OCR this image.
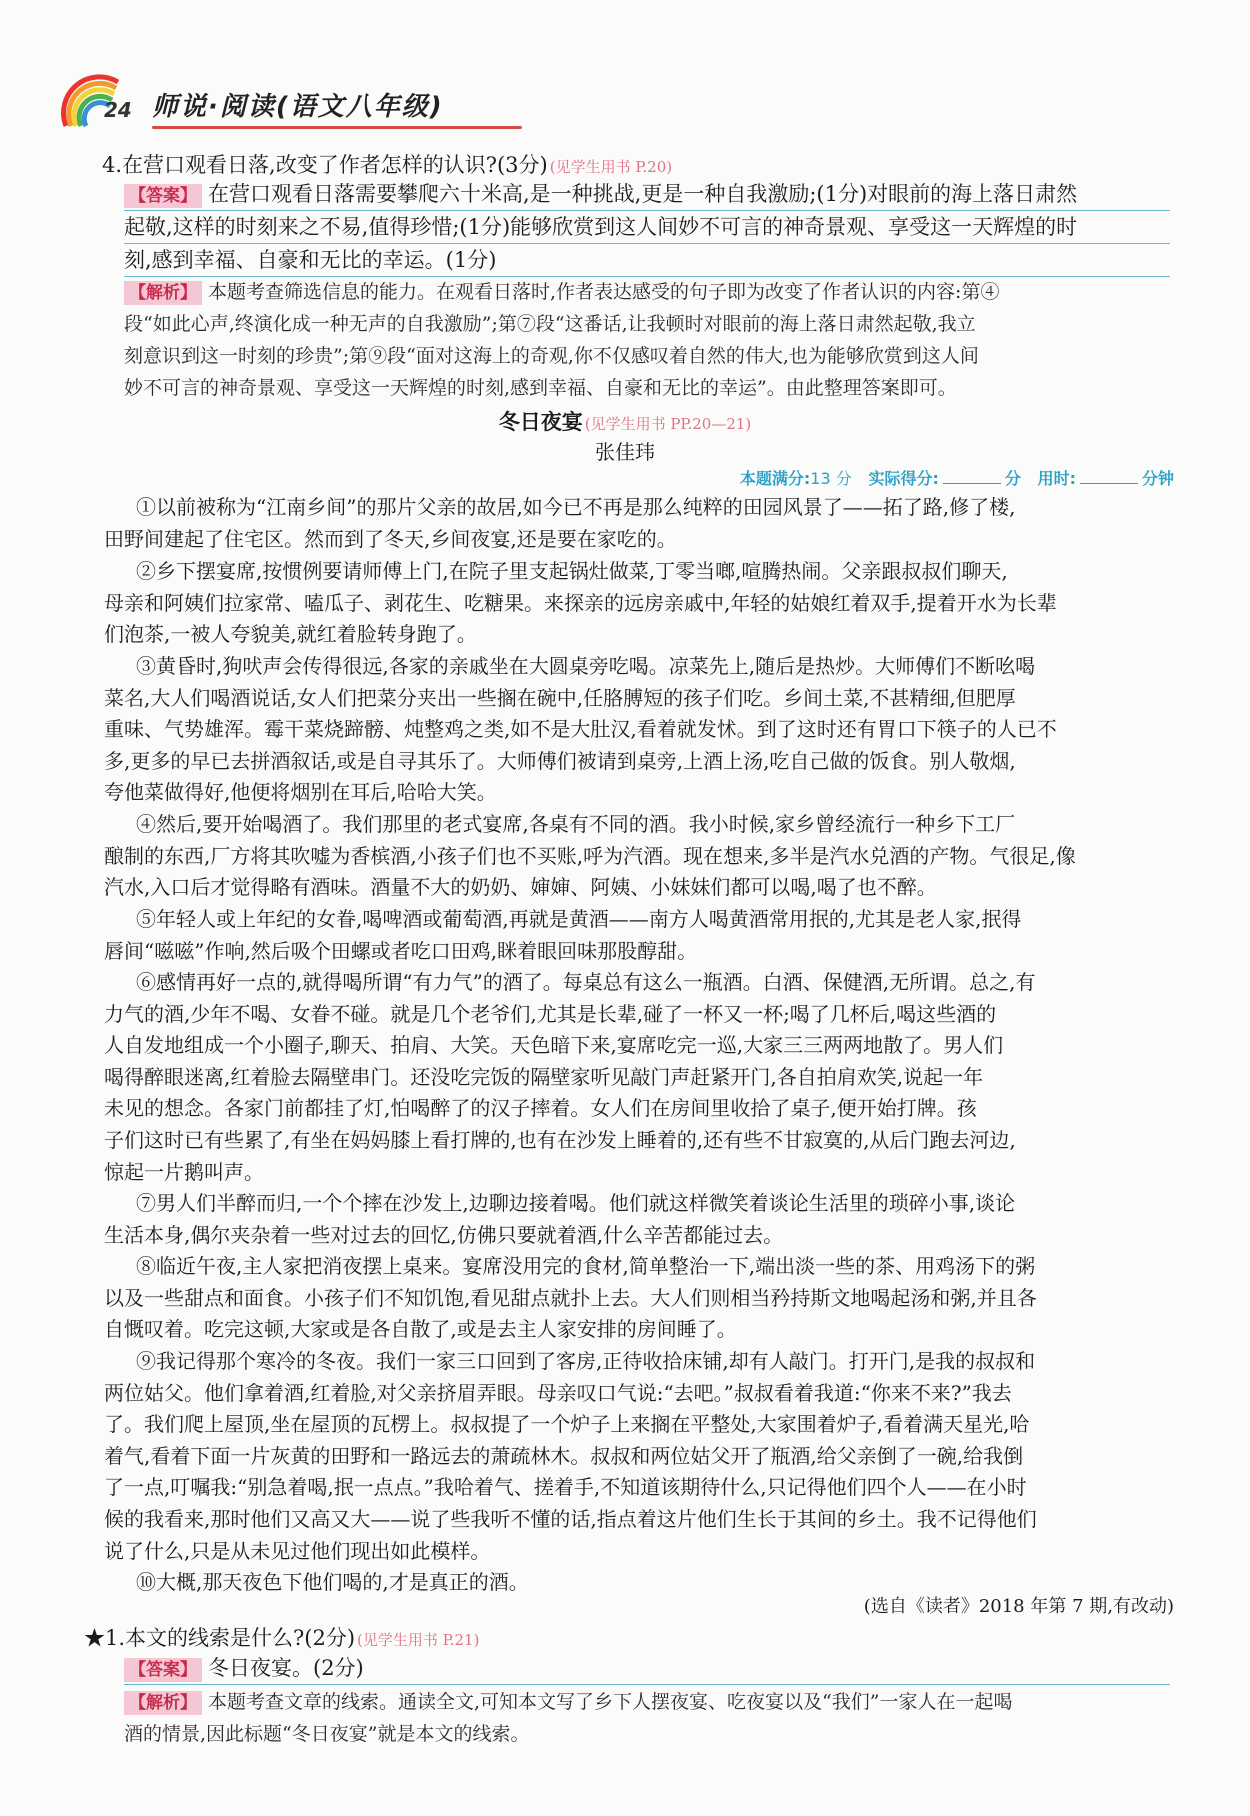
24 师说·阅读(语文八年级)
4.在营口观看日落,改变了作者怎样的认识?(3分) (见学生用书 P.20)
【答案】 在营口观看日落需要攀爬六十米高,是一种挑战,更是一种自我激励;(1分)对眼前的海上落日肃然
起敬,这样的时刻来之不易,值得珍惜;(1分)能够欣赏到这人间妙不可言的神奇景观、享受这一天辉煌的时
刻,感到幸福、自豪和无比的幸运。(1分)
【解析】 本题考查筛选信息的能力。在观看日落时,作者表达感受的句子即为改变了作者认识的内容:第④
段“如此心声,终演化成一种无声的自我激励”;第⑦段“这番话,让我顿时对眼前的海上落日肃然起敬,我立
刻意识到这一时刻的珍贵”;第⑨段“面对这海上的奇观,你不仅感叹着自然的伟大,也为能够欣赏到这人间
妙不可言的神奇景观、享受这一天辉煌的时刻,感到幸福、自豪和无比的幸运”。由此整理答案即可。
冬日夜宴 (见学生用书 PP.20—21)
张佳玮
本题满分:13 分 实际得分:	分 用时:	分钟
①以前被称为“江南乡间”的那片父亲的故居,如今已不再是那么纯粹的田园风景了——拓了路,修了楼,
田野间建起了住宅区。然而到了冬天,乡间夜宴,还是要在家吃的。
②乡下摆宴席,按惯例要请师傅上门,在院子里支起锅灶做菜,丁零当啷,喧腾热闹。父亲跟叔叔们聊天,
母亲和阿姨们拉家常、嗑瓜子、剥花生、吃糖果。来探亲的远房亲戚中,年轻的姑娘红着双手,提着开水为长辈
们泡茶,一被人夸貌美,就红着脸转身跑了。
③黄昏时,狗吠声会传得很远,各家的亲戚坐在大圆桌旁吃喝。凉菜先上,随后是热炒。大师傅们不断吆喝
菜名,大人们喝酒说话,女人们把菜分夹出一些搁在碗中,任胳膊短的孩子们吃。乡间土菜,不甚精细,但肥厚
重味、气势雄浑。霉干菜烧蹄髈、炖整鸡之类,如不是大肚汉,看着就发怵。到了这时还有胃口下筷子的人已不
多,更多的早已去拼酒叙话,或是自寻其乐了。大师傅们被请到桌旁,上酒上汤,吃自己做的饭食。别人敬烟,
夸他菜做得好,他便将烟别在耳后,哈哈大笑。
④然后,要开始喝酒了。我们那里的老式宴席,各桌有不同的酒。我小时候,家乡曾经流行一种乡下工厂
酿制的东西,厂方将其吹嘘为香槟酒,小孩子们也不买账,呼为汽酒。现在想来,多半是汽水兑酒的产物。气很足,像
汽水,入口后才觉得略有酒味。酒量不大的奶奶、婶婶、阿姨、小妹妹们都可以喝,喝了也不醉。
⑤年轻人或上年纪的女眷,喝啤酒或葡萄酒,再就是黄酒——南方人喝黄酒常用抿的,尤其是老人家,抿得
唇间“嗞嗞”作响,然后吸个田螺或者吃口田鸡,眯着眼回味那股醇甜。
⑥感情再好一点的,就得喝所谓“有力气”的酒了。每桌总有这么一瓶酒。白酒、保健酒,无所谓。总之,有
力气的酒,少年不喝、女眷不碰。就是几个老爷们,尤其是长辈,碰了一杯又一杯;喝了几杯后,喝这些酒的
人自发地组成一个小圈子,聊天、拍肩、大笑。天色暗下来,宴席吃完一巡,大家三三两两地散了。男人们
喝得醉眼迷离,红着脸去隔壁串门。还没吃完饭的隔壁家听见敲门声赶紧开门,各自拍肩欢笑,说起一年
未见的想念。各家门前都挂了灯,怕喝醉了的汉子摔着。女人们在房间里收拾了桌子,便开始打牌。孩
子们这时已有些累了,有坐在妈妈膝上看打牌的,也有在沙发上睡着的,还有些不甘寂寞的,从后门跑去河边,
惊起一片鹅叫声。
⑦男人们半醉而归,一个个摔在沙发上,边聊边接着喝。他们就这样微笑着谈论生活里的琐碎小事,谈论
生活本身,偶尔夹杂着一些对过去的回忆,仿佛只要就着酒,什么辛苦都能过去。
⑧临近午夜,主人家把消夜摆上桌来。宴席没用完的食材,简单整治一下,端出淡一些的茶、用鸡汤下的粥
以及一些甜点和面食。小孩子们不知饥饱,看见甜点就扑上去。大人们则相当矜持斯文地喝起汤和粥,并且各
自慨叹着。吃完这顿,大家或是各自散了,或是去主人家安排的房间睡了。
⑨我记得那个寒冷的冬夜。我们一家三口回到了客房,正待收拾床铺,却有人敲门。打开门,是我的叔叔和
两位姑父。他们拿着酒,红着脸,对父亲挤眉弄眼。母亲叹口气说:“去吧。”叔叔看着我道:“你来不来?”我去
了。我们爬上屋顶,坐在屋顶的瓦楞上。叔叔提了一个炉子上来搁在平整处,大家围着炉子,看着满天星光,哈
着气,看着下面一片灰黄的田野和一路远去的萧疏林木。叔叔和两位姑父开了瓶酒,给父亲倒了一碗,给我倒
了一点,叮嘱我:“别急着喝,抿一点点。”我哈着气、搓着手,不知道该期待什么,只记得他们四个人——在小时
候的我看来,那时他们又高又大——说了些我听不懂的话,指点着这片他们生长于其间的乡土。我不记得他们
说了什么,只是从未见过他们现出如此模样。
⑩大概,那天夜色下他们喝的,才是真正的酒。
(选自《读者》2018 年第 7 期,有改动)
★1.本文的线索是什么?(2分) (见学生用书 P.21)
【答案】 冬日夜宴。(2分)
【解析】 本题考查文章的线索。通读全文,可知本文写了乡下人摆夜宴、吃夜宴以及“我们”一家人在一起喝
酒的情景,因此标题“冬日夜宴”就是本文的线索。
